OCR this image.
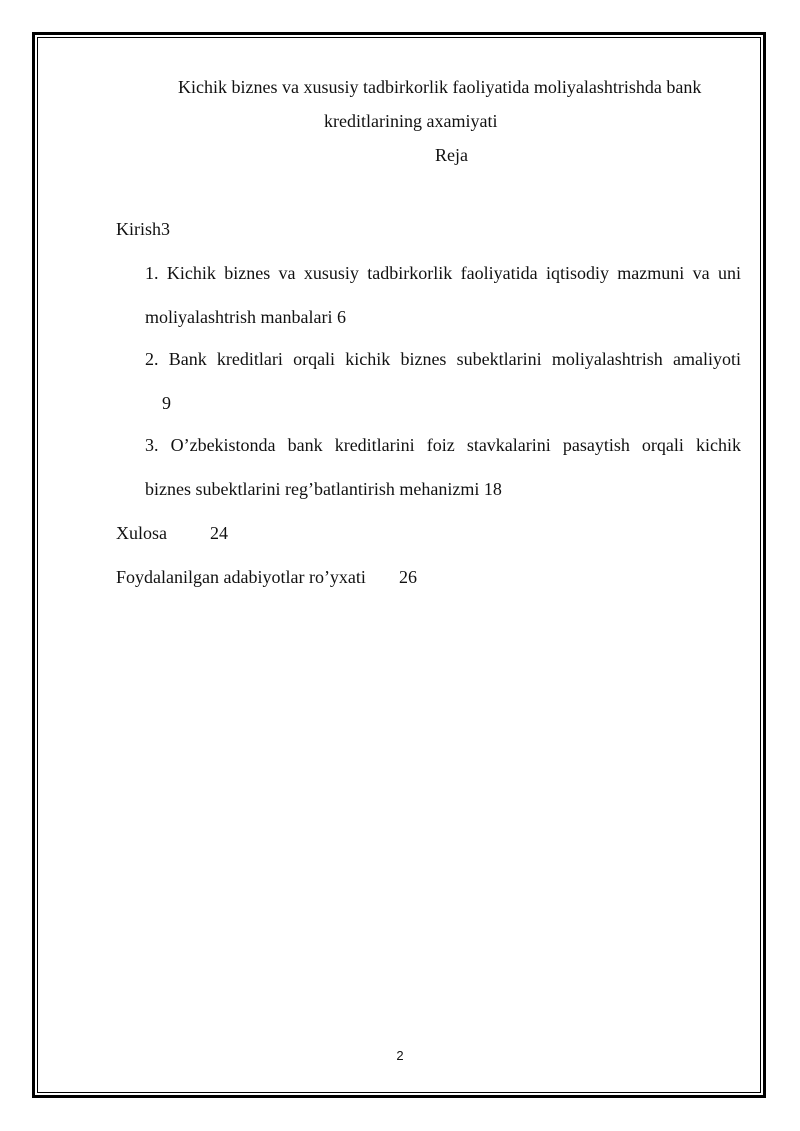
Kichik biznes va xususiy tadbirkorlik faoliyatida moliyalashtrishda bank
kreditlarining axamiyati
Reja
Kirish3
1. Kichik biznes va xususiy tadbirkorlik faoliyatida iqtisodiy mazmuni va uni
moliyalashtrish manbalari 6
2. Bank kreditlari orqali kichik biznes subektlarini moliyalashtrish amaliyoti
9
3. O’zbekistonda bank kreditlarini foiz stavkalarini pasaytish orqali kichik
biznes subektlarini reg’batlantirish mehanizmi 18
Xulosa 24
Foydalanilgan adabiyotlar ro’yxati 26
2
